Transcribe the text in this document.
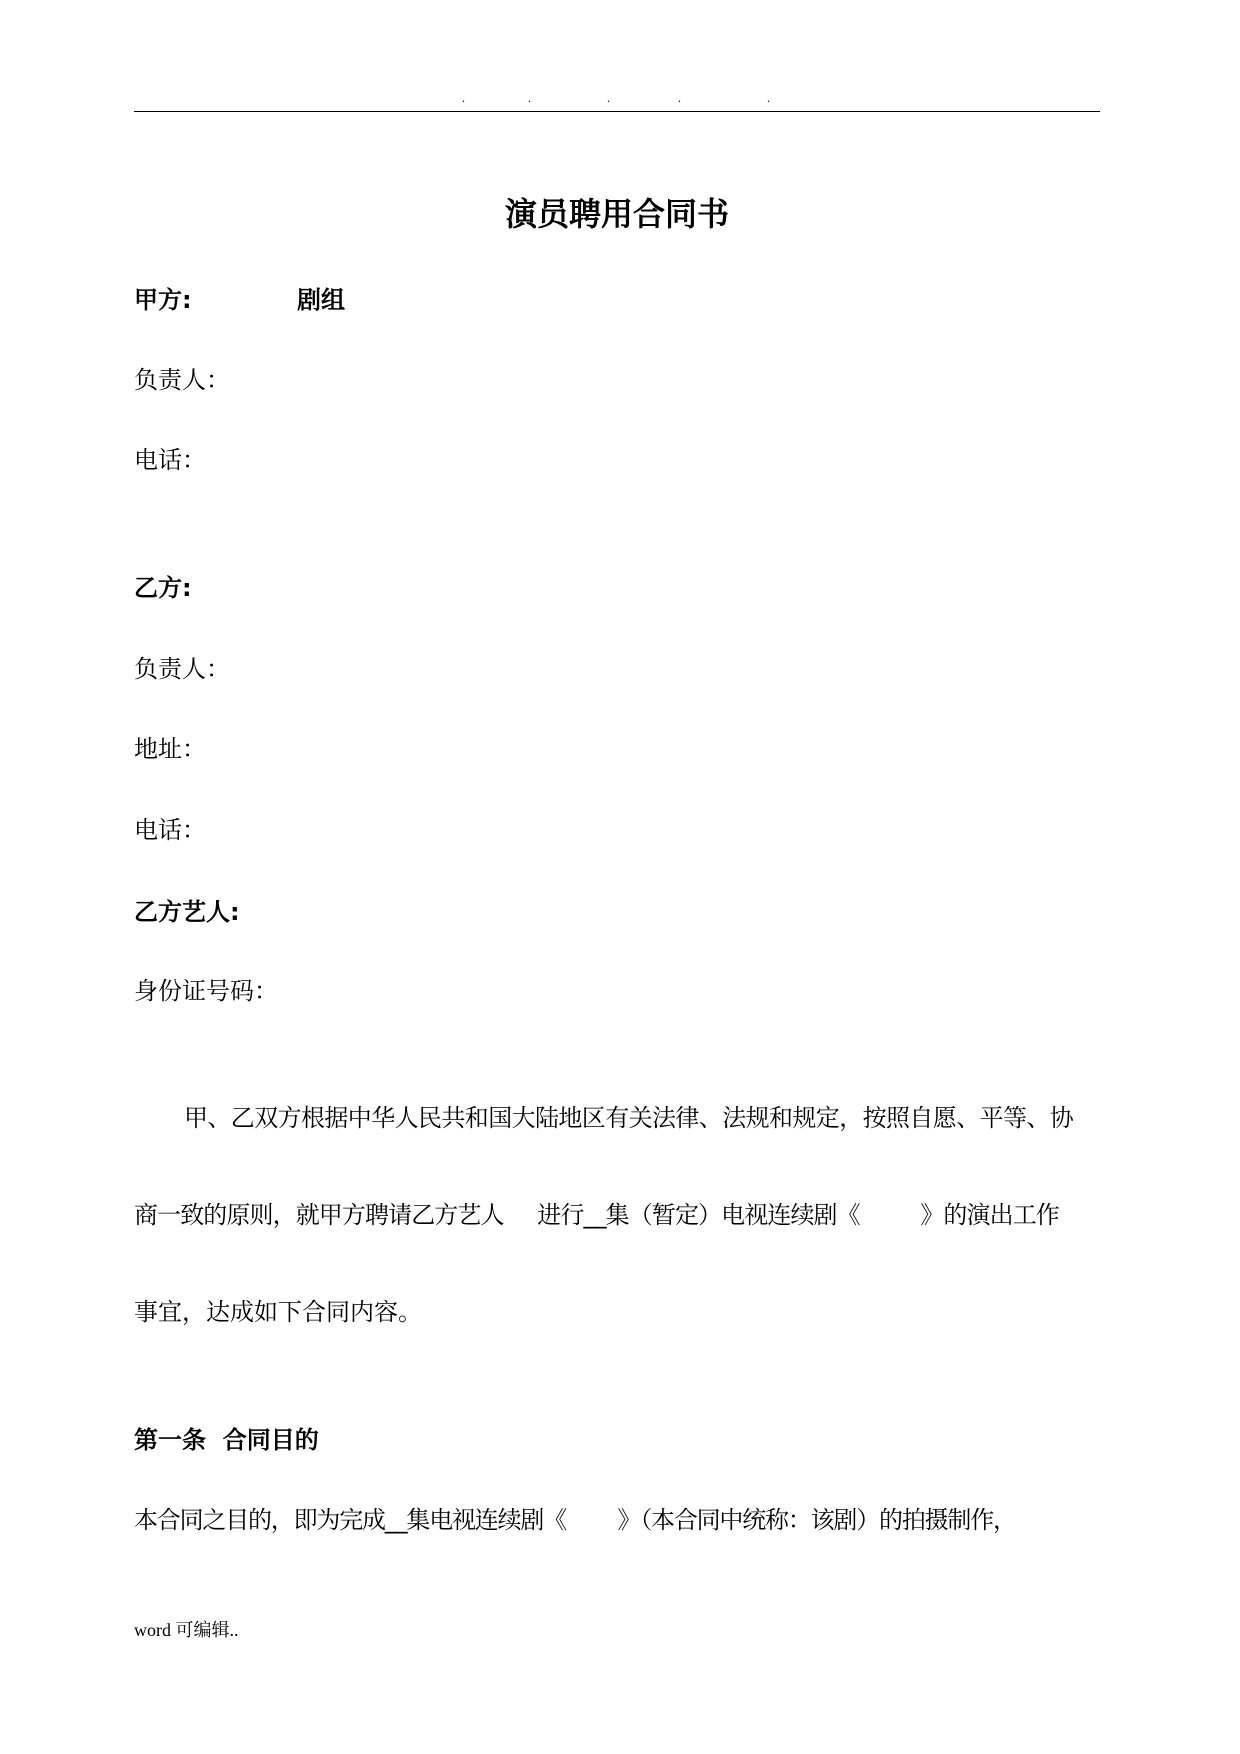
.	.	.	.	.
演员聘用合同书
甲方:	剧组
负责人：
电话：
乙方:
负责人：
地址：
电话：
乙方艺人:
身份证号码：
甲、乙双方根据中华人民共和国大陆地区有关法律、法规和规定，按照自愿、平等、协
商一致的原则，就甲方聘请乙方艺人     进行__集（暂定）电视连续剧《         》的演出工作
事宜，达成如下合同内容。
第一条  合同目的
本合同之目的，即为完成__集电视连续剧《        》（本合同中统称：该剧）的拍摄制作，
word 可编辑..
